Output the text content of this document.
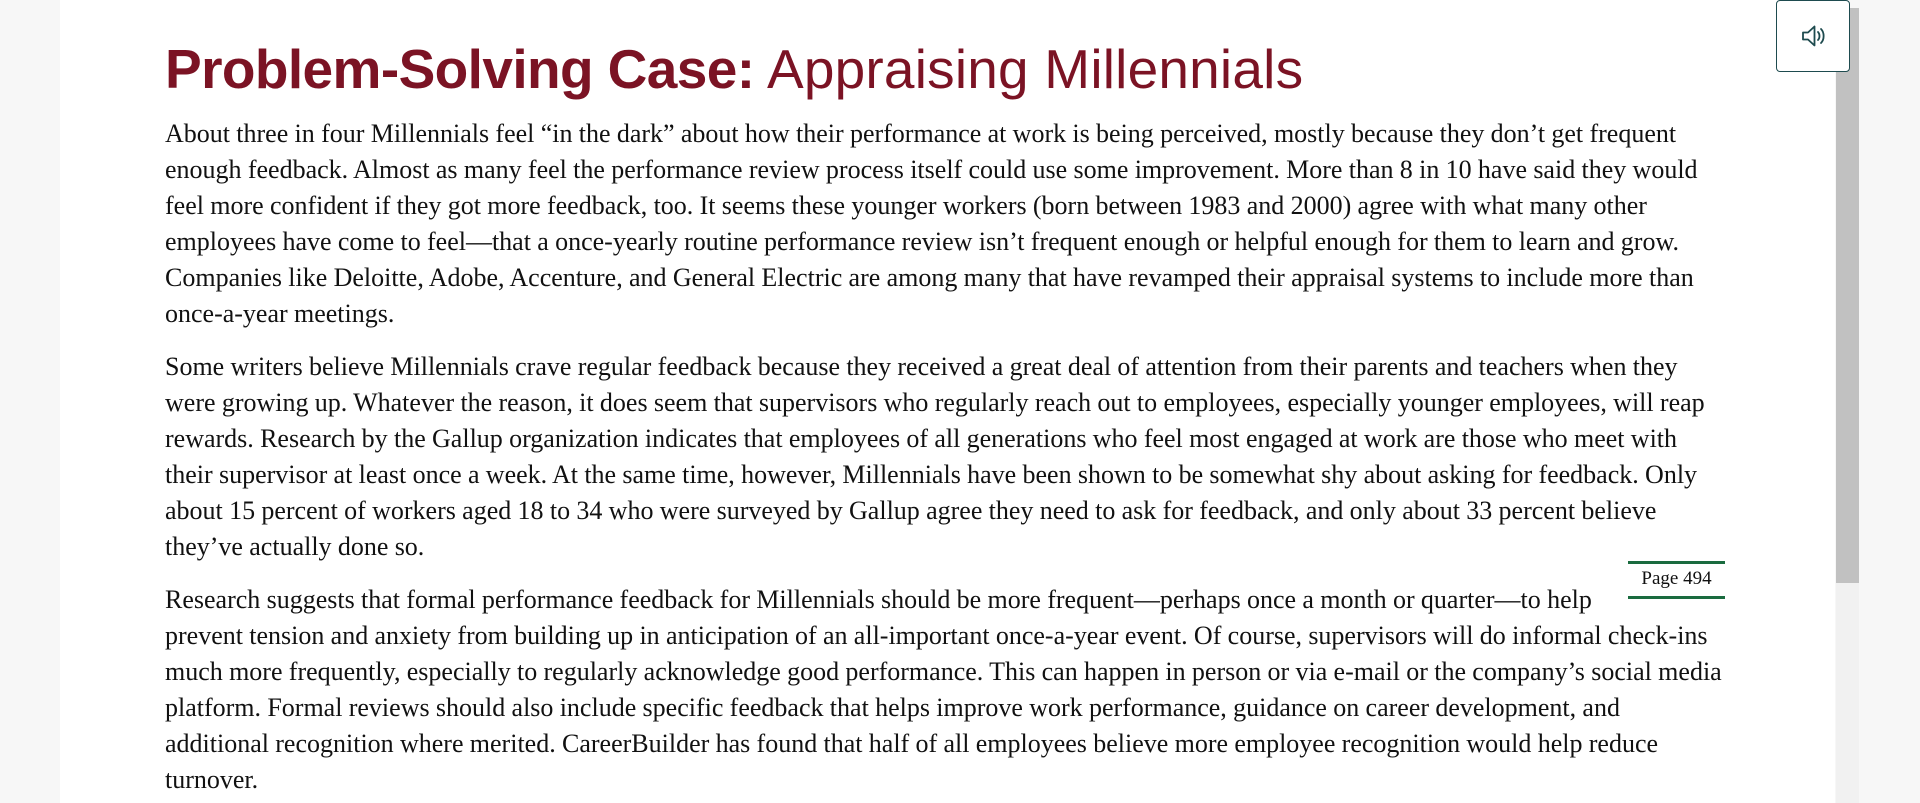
Problem-Solving Case: Appraising Millennials

About three in four Millennials feel “in the dark” about how their performance at work is being perceived, mostly because they don’t get frequent enough feedback. Almost as many feel the performance review process itself could use some improvement. More than 8 in 10 have said they would feel more confident if they got more feedback, too. It seems these younger workers (born between 1983 and 2000) agree with what many other employees have come to feel—that a once-yearly routine performance review isn’t frequent enough or helpful enough for them to learn and grow. Companies like Deloitte, Adobe, Accenture, and General Electric are among many that have revamped their appraisal systems to include more than once-a-year meetings.

Some writers believe Millennials crave regular feedback because they received a great deal of attention from their parents and teachers when they were growing up. Whatever the reason, it does seem that supervisors who regularly reach out to employees, especially younger employees, will reap rewards. Research by the Gallup organization indicates that employees of all generations who feel most engaged at work are those who meet with their supervisor at least once a week. At the same time, however, Millennials have been shown to be somewhat shy about asking for feedback. Only about 15 percent of workers aged 18 to 34 who were surveyed by Gallup agree they need to ask for feedback, and only about 33 percent believe they’ve actually done so.

Page 494

Research suggests that formal performance feedback for Millennials should be more frequent—perhaps once a month or quarter—to help prevent tension and anxiety from building up in anticipation of an all-important once-a-year event. Of course, supervisors will do informal check-ins much more frequently, especially to regularly acknowledge good performance. This can happen in person or via e-mail or the company’s social media platform. Formal reviews should also include specific feedback that helps improve work performance, guidance on career development, and additional recognition where merited. CareerBuilder has found that half of all employees believe more employee recognition would help reduce turnover.
